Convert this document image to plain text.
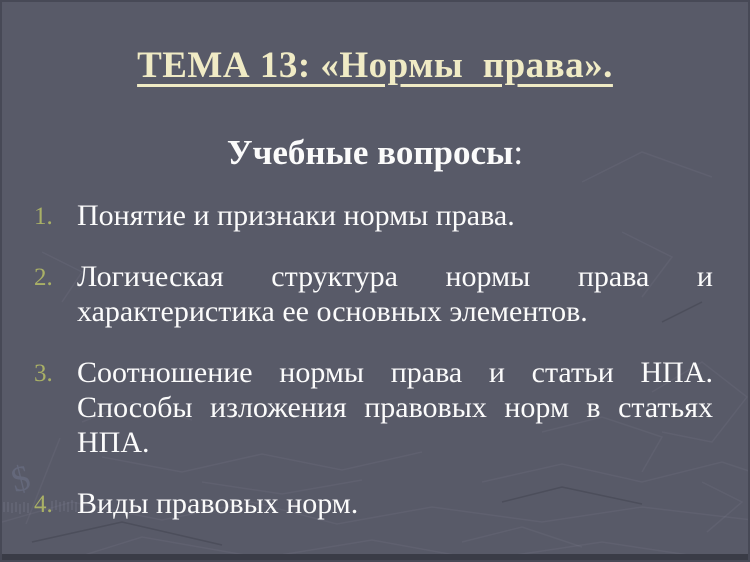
$
ТЕМА 13: «Нормы  права».
Учебные вопросы:
1. Понятие и признаки нормы права.
2. Логическая структура нормы права и характеристика ее основных элементов.
3. Соотношение нормы права и статьи НПА. Способы изложения правовых норм в статьях НПА.
4. Виды правовых норм.
